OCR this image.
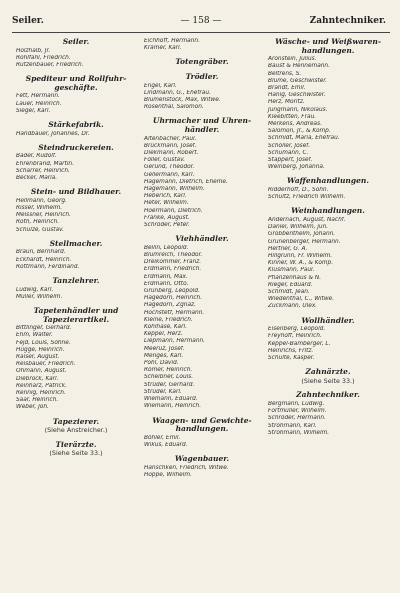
Seiler.	— 158 —	Zahntechniker.
Seiler.
Holzhalb, Jr.
Rohlfahl, Friedrich.
Rutzenbauer, Friedrich.
Spediteur und Rollfuhr-
geschäfte.
Fett, Hermann.
Lauer, Heinrich.
Siegel, Karl.
Stärkefabrik.
Handbauer, Johannes, Dr.
Steindruckereien.
Bader, Rudolf.
Ehrenbrand, Martin.
Scharrer, Heinrich.
Becker, Maria.
Stein- und Bildhauer.
Hellmann, Georg.
Risser, Wilhelm.
Meissner, Heinrich.
Roth, Heinrich.
Schulze, Gustav.
Stellmacher.
Braun, Bernhard.
Eckhardt, Heinrich.
Rottmann, Ferdinand.
Tanzlehrer.
Ludwig, Karl.
Müller, Wilhelm.
Tapetenhändler und
Tapezierartikel.
Bittlinger, Gerhard.
Ehm, Walter.
Fejd, Louis, Söhne.
Hügge, Heinrich.
Raiser, August.
Reisbauer, Friedrich.
Ohmann, August.
Diebrock, Karl.
Reinharz, Patrick.
Rennig, Heinrich.
Saar, Heinrich.
Weber, Joh.
Tapezierer.
(Siehe Anstreicher.)
Tierärzte.
(Siehe Seite 33.)
Eichhoff, Hermann.
Krämer, Karl.
Totengräber.
Trödler.
Engel, Karl.
Lindmann, G., Ehefrau.
Blumenstock, Max, Witwe.
Rosenthal, Salomon.
Uhrmacher und Uhren-
händler.
Altenbacher, Paul.
Brückmann, Josef.
Diekmann, Robert.
Föller, Gustav.
Gerund, Theodor.
Gellermann, Karl.
Hagemann, Dietrich, Eheme.
Hagemann, Wilhelm.
Heberich, Karl.
Heter, Wilhelm.
Hoermann, Dietrich.
Franke, August.
Schröder, Peter.
Viehhändler.
Beilin, Leopold.
Blumreich, Theodor.
Dreikommer, Franz.
Erdmann, Friedrich.
Erdmann, Max.
Erdmann, Otto.
Grünberg, Leopold.
Hagedorn, Heinrich.
Hagedorn, Zgnaz.
Hochstetf, Hermann.
Kleine, Friedrich.
Kohlhase, Karl.
Keppel, Herz.
Liepmann, Hermann.
Meeruz, Josef.
Menges, Karl.
Pohl, David.
Römer, Heinrich.
Scheibner, Louis.
Strüder, Gerhard.
Strüder, Karl.
Wiemann, Eduard.
Wiemann, Heinrich.
Waagen- und Gewichte-
handlungen.
Böhler, Emil.
Wikus, Eduard.
Wagenbauer.
Hanschken, Friedrich, Witwe.
Hoppe, Wilhelm.
Wäsche- und Weißwaren-
handlungen.
Aronstein, Julius.
Baust & Hennemann.
Beltrens, S.
Blume, Geschwister.
Brandt, Emil.
Hanig, Geschwister.
Herz, Moritz.
Jungmann, Nikolaus.
Kleebitten, Frau.
Merkens, Andreas.
Salomon, Jr., & Komp.
Schmidt, Maria, Ehefrau.
Schöller, Josef.
Schumann, C.
Stappert, Josef.
Weinberg, Johanna.
Waffenhandlungen.
Ridderhoff, D., Sohn.
Schultz, Friedrich Wilhelm.
Weinhandlungen.
Andernach, August, Nachf.
Daniel, Wilhelm, jun.
Grobbenthelm, Johann.
Grunenberger, Hermann.
Hertner, G. A.
Hillgrunn, Fr. Wilhelm.
Kinner, W. A., & Komp.
Klusmann, Paul.
Pflanzenhaus & N.
Rieger, Eduard.
Schmidt, Jean.
Wiedenthal, C., Witwe.
Zuckmann, Ulex.
Wollhändler.
Eisenberg, Leopold.
Freyhoff, Heinrich.
Keppel-Bamberger, L.
Heinrichs, Fritz.
Schulte, Kasper.
Zahnärzte.
(Siehe Seite 33.)
Zahntechniker.
Bergmann, Ludwig.
Fortmüller, Wilhelm.
Schröder, Hermann.
Strohmann, Karl.
Strohmann, Wilhelm.
